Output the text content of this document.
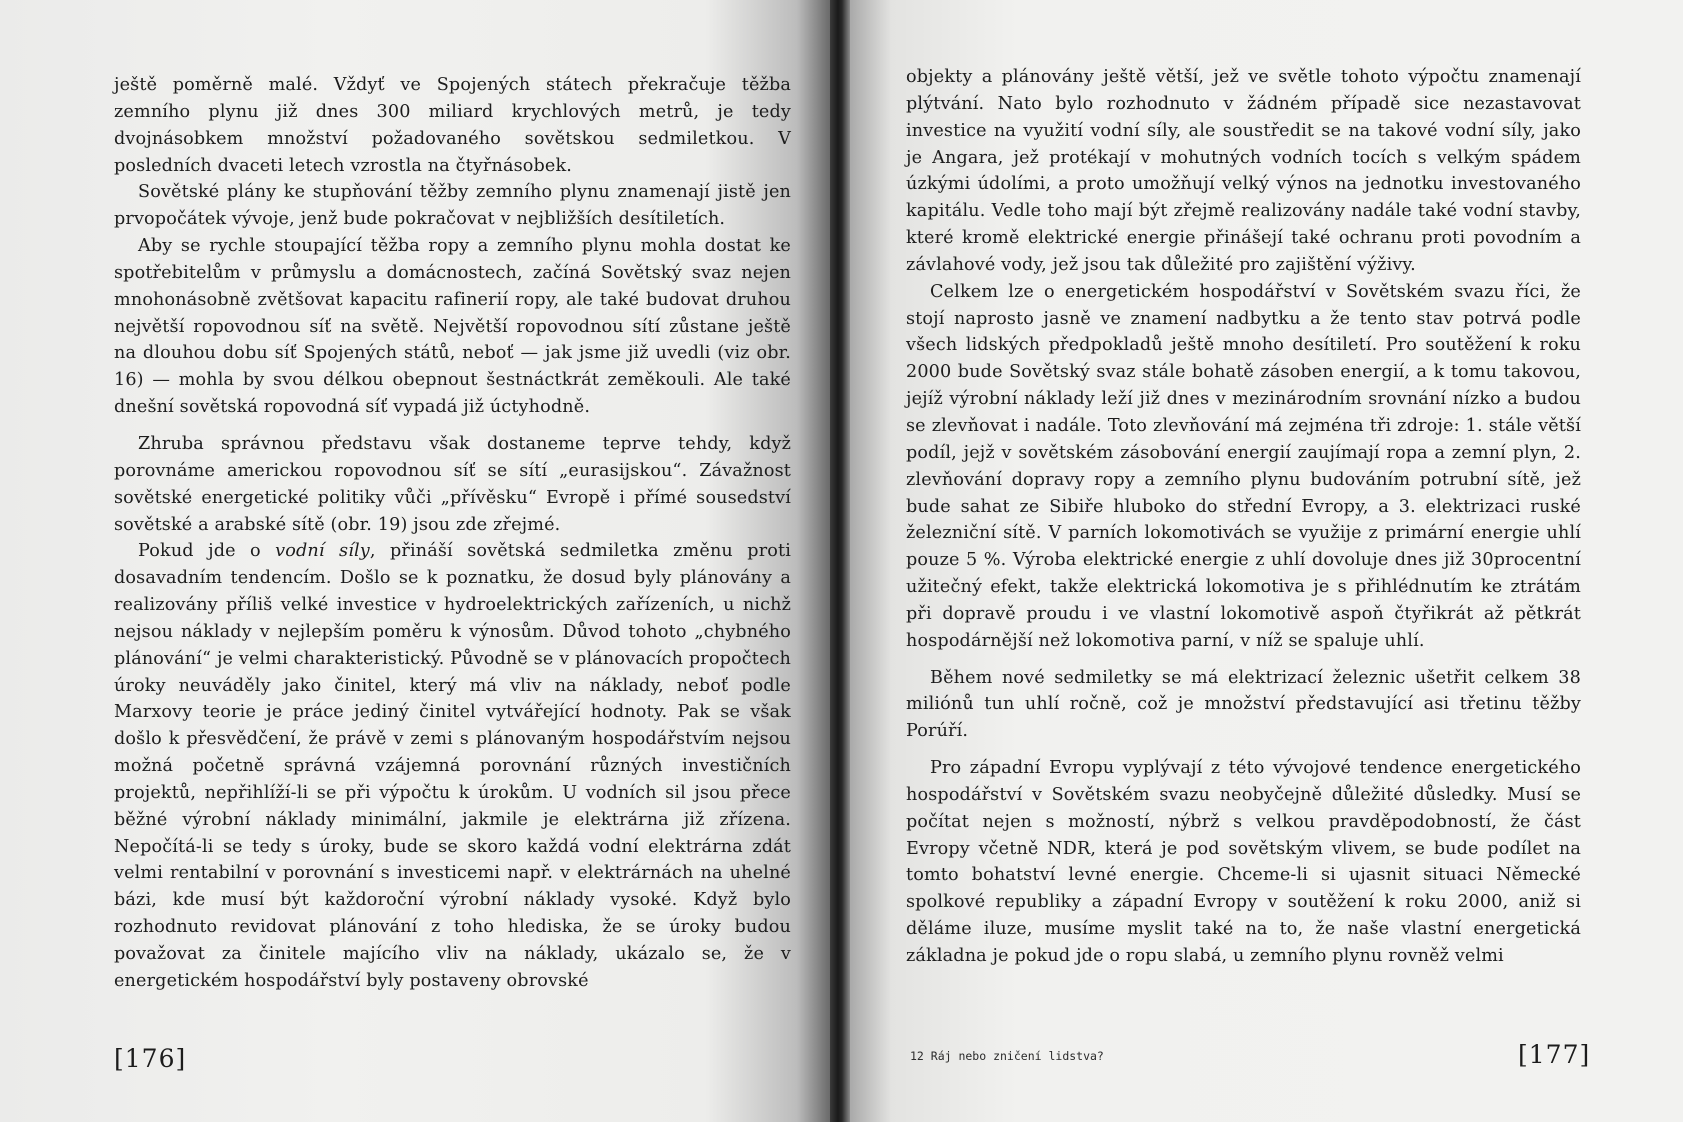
ještě poměrně malé. Vždyť ve Spojených státech překračuje těžba zemního plynu již dnes 300 miliard krychlových metrů, je tedy dvojnásobkem množství požadovaného sovětskou sedmiletkou. V posledních dvaceti letech vzrostla na čtyřnásobek.

Sovětské plány ke stupňování těžby zemního plynu znamenají jistě jen prvopočátek vývoje, jenž bude pokračovat v nejbližších desítiletích.

Aby se rychle stoupající těžba ropy a zemního plynu mohla dostat ke spotřebitelům v průmyslu a domácnostech, začíná Sovětský svaz nejen mnohonásobně zvětšovat kapacitu rafinerií ropy, ale také budovat druhou největší ropovodnou síť na světě. Největší ropovodnou sítí zůstane ještě na dlouhou dobu síť Spojených států, neboť — jak jsme již uvedli (viz obr. 16) — mohla by svou délkou obepnout šestnáctkrát zeměkouli. Ale také dnešní sovětská ropovodná síť vypadá již úctyhodně.

Zhruba správnou představu však dostaneme teprve tehdy, když porovnáme americkou ropovodnou síť se sítí „eurasijskou“. Závažnost sovětské energetické politiky vůči „přívěsku“ Evropě i přímé sousedství sovětské a arabské sítě (obr. 19) jsou zde zřejmé.

Pokud jde o vodní síly, přináší sovětská sedmiletka změnu proti dosavadním tendencím. Došlo se k poznatku, že dosud byly plánovány a realizovány příliš velké investice v hydroelektrických zařízeních, u nichž nejsou náklady v nejlepším poměru k výnosům. Důvod tohoto „chybného plánování“ je velmi charakteristický. Původně se v plánovacích propočtech úroky neuváděly jako činitel, který má vliv na náklady, neboť podle Marxovy teorie je práce jediný činitel vytvářející hodnoty. Pak se však došlo k přesvědčení, že právě v zemi s plánovaným hospodářstvím nejsou možná početně správná vzájemná porovnání různých investičních projektů, nepřihlíží-li se při výpočtu k úrokům. U vodních sil jsou přece běžné výrobní náklady minimální, jakmile je elektrárna již zřízena. Nepočítá-li se tedy s úroky, bude se skoro každá vodní elektrárna zdát velmi rentabilní v porovnání s investicemi např. v elektrárnách na uhelné bázi, kde musí být každoroční výrobní náklady vysoké. Když bylo rozhodnuto revidovat plánování z toho hlediska, že se úroky budou považovat za činitele majícího vliv na náklady, ukázalo se, že v energetickém hospodářství byly postaveny obrovské

[176]

objekty a plánovány ještě větší, jež ve světle tohoto výpočtu znamenají plýtvání. Nato bylo rozhodnuto v žádném případě sice nezastavovat investice na využití vodní síly, ale soustředit se na takové vodní síly, jako je Angara, jež protékají v mohutných vodních tocích s velkým spádem úzkými údolími, a proto umožňují velký výnos na jednotku investovaného kapitálu. Vedle toho mají být zřejmě realizovány nadále také vodní stavby, které kromě elektrické energie přinášejí také ochranu proti povodním a závlahové vody, jež jsou tak důležité pro zajištění výživy.

Celkem lze o energetickém hospodářství v Sovětském svazu říci, že stojí naprosto jasně ve znamení nadbytku a že tento stav potrvá podle všech lidských předpokladů ještě mnoho desítiletí. Pro soutěžení k roku 2000 bude Sovětský svaz stále bohatě zásoben energií, a k tomu takovou, jejíž výrobní náklady leží již dnes v mezinárodním srovnání nízko a budou se zlevňovat i nadále. Toto zlevňování má zejména tři zdroje: 1. stále větší podíl, jejž v sovětském zásobování energií zaujímají ropa a zemní plyn, 2. zlevňování dopravy ropy a zemního plynu budováním potrubní sítě, jež bude sahat ze Sibiře hluboko do střední Evropy, a 3. elektrizaci ruské železniční sítě. V parních lokomotivách se využije z primární energie uhlí pouze 5 %. Výroba elektrické energie z uhlí dovoluje dnes již 30procentní užitečný efekt, takže elektrická lokomotiva je s přihlédnutím ke ztrátám při dopravě proudu i ve vlastní lokomotivě aspoň čtyřikrát až pětkrát hospodárnější než lokomotiva parní, v níž se spaluje uhlí.

Během nové sedmiletky se má elektrizací železnic ušetřit celkem 38 miliónů tun uhlí ročně, což je množství představující asi třetinu těžby Porúří.

Pro západní Evropu vyplývají z této vývojové tendence energetického hospodářství v Sovětském svazu neobyčejně důležité důsledky. Musí se počítat nejen s možností, nýbrž s velkou pravděpodobností, že část Evropy včetně NDR, která je pod sovětským vlivem, se bude podílet na tomto bohatství levné energie. Chceme-li si ujasnit situaci Německé spolkové republiky a západní Evropy v soutěžení k roku 2000, aniž si děláme iluze, musíme myslit také na to, že naše vlastní energetická základna je pokud jde o ropu slabá, u zemního plynu rovněž velmi

12 Ráj nebo zničení lidstva?	[177]
